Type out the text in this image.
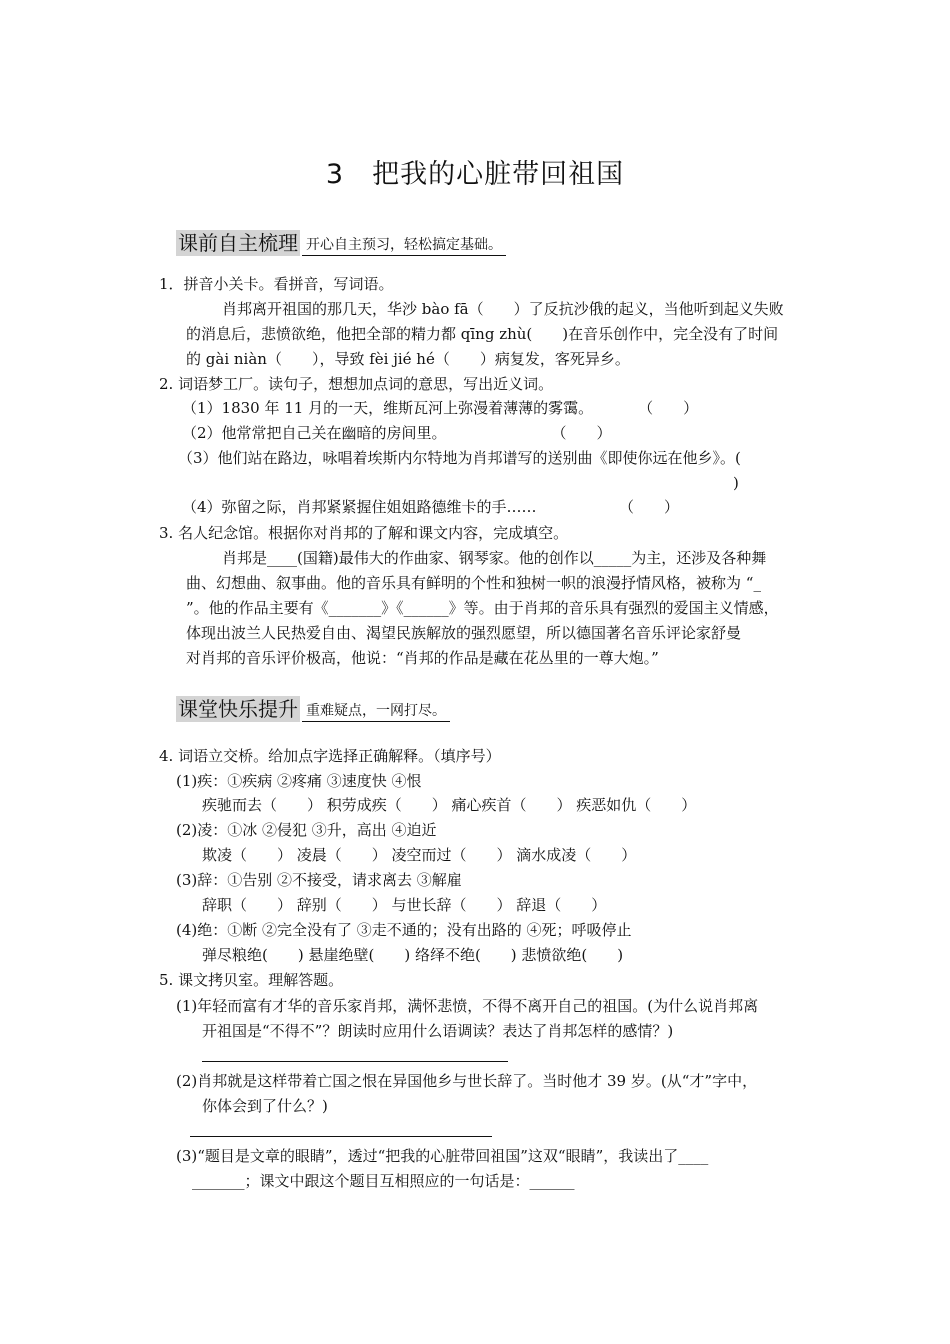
3　把我的心脏带回祖国
课前自主梳理 开心自主预习，轻松搞定基础。
1．拼音小关卡。看拼音，写词语。
肖邦离开祖国的那几天，华沙 bào fā（　　）了反抗沙俄的起义，当他听到起义失败
的消息后，悲愤欲绝，他把全部的精力都 qīng zhù(　　)在音乐创作中，完全没有了时间
的 gài niàn（　　），导致 fèi jié hé（　　）病复发，客死异乡。
2. 词语梦工厂。读句子，想想加点词的意思，写出近义词。
（1）1830 年 11 月的一天，维斯瓦河上弥漫着薄薄的雾霭。　　　　（　　）
（2）他常常把自己关在幽暗的房间里。　　　　　　　　（　　）
（3）他们站在路边，咏唱着埃斯内尔特地为肖邦谱写的送别曲《即使你远在他乡》。(
)
（4）弥留之际，肖邦紧紧握住姐姐路德维卡的手……　　　　　　（　　）
3. 名人纪念馆。根据你对肖邦的了解和课文内容，完成填空。
肖邦是____(国籍)最伟大的作曲家、钢琴家。他的创作以_____为主，还涉及各种舞
曲、幻想曲、叙事曲。他的音乐具有鲜明的个性和独树一帜的浪漫抒情风格，被称为 “_
”。他的作品主要有《_______》《______》等。由于肖邦的音乐具有强烈的爱国主义情感，
体现出波兰人民热爱自由、渴望民族解放的强烈愿望，所以德国著名音乐评论家舒曼
对肖邦的音乐评价极高，他说：“肖邦的作品是藏在花丛里的一尊大炮。”
课堂快乐提升 重难疑点，一网打尽。
4. 词语立交桥。给加点字选择正确解释。（填序号）
(1)疾：①疾病 ②疼痛 ③速度快 ④恨
疾驰而去（　　） 积劳成疾（　　） 痛心疾首（　　） 疾恶如仇（　　）
(2)凌：①冰 ②侵犯 ③升，高出 ④迫近
欺凌（　　） 凌晨（　　） 凌空而过（　　） 滴水成凌（　　）
(3)辞：①告别 ②不接受，请求离去 ③解雇
辞职（　　） 辞别（　　） 与世长辞（　　） 辞退（　　）
(4)绝：①断 ②完全没有了 ③走不通的；没有出路的 ④死；呼吸停止
弹尽粮绝(　　) 悬崖绝壁(　　) 络绎不绝(　　) 悲愤欲绝(　　)
5. 课文拷贝室。理解答题。
(1)年轻而富有才华的音乐家肖邦，满怀悲愤，不得不离开自己的祖国。(为什么说肖邦离
开祖国是“不得不”？朗读时应用什么语调读？表达了肖邦怎样的感情？)
(2)肖邦就是这样带着亡国之恨在异国他乡与世长辞了。当时他才 39 岁。(从“才”字中，
你体会到了什么？)
(3)“题目是文章的眼睛”，透过“把我的心脏带回祖国”这双“眼睛”，我读出了____
_______；课文中跟这个题目互相照应的一句话是：______
